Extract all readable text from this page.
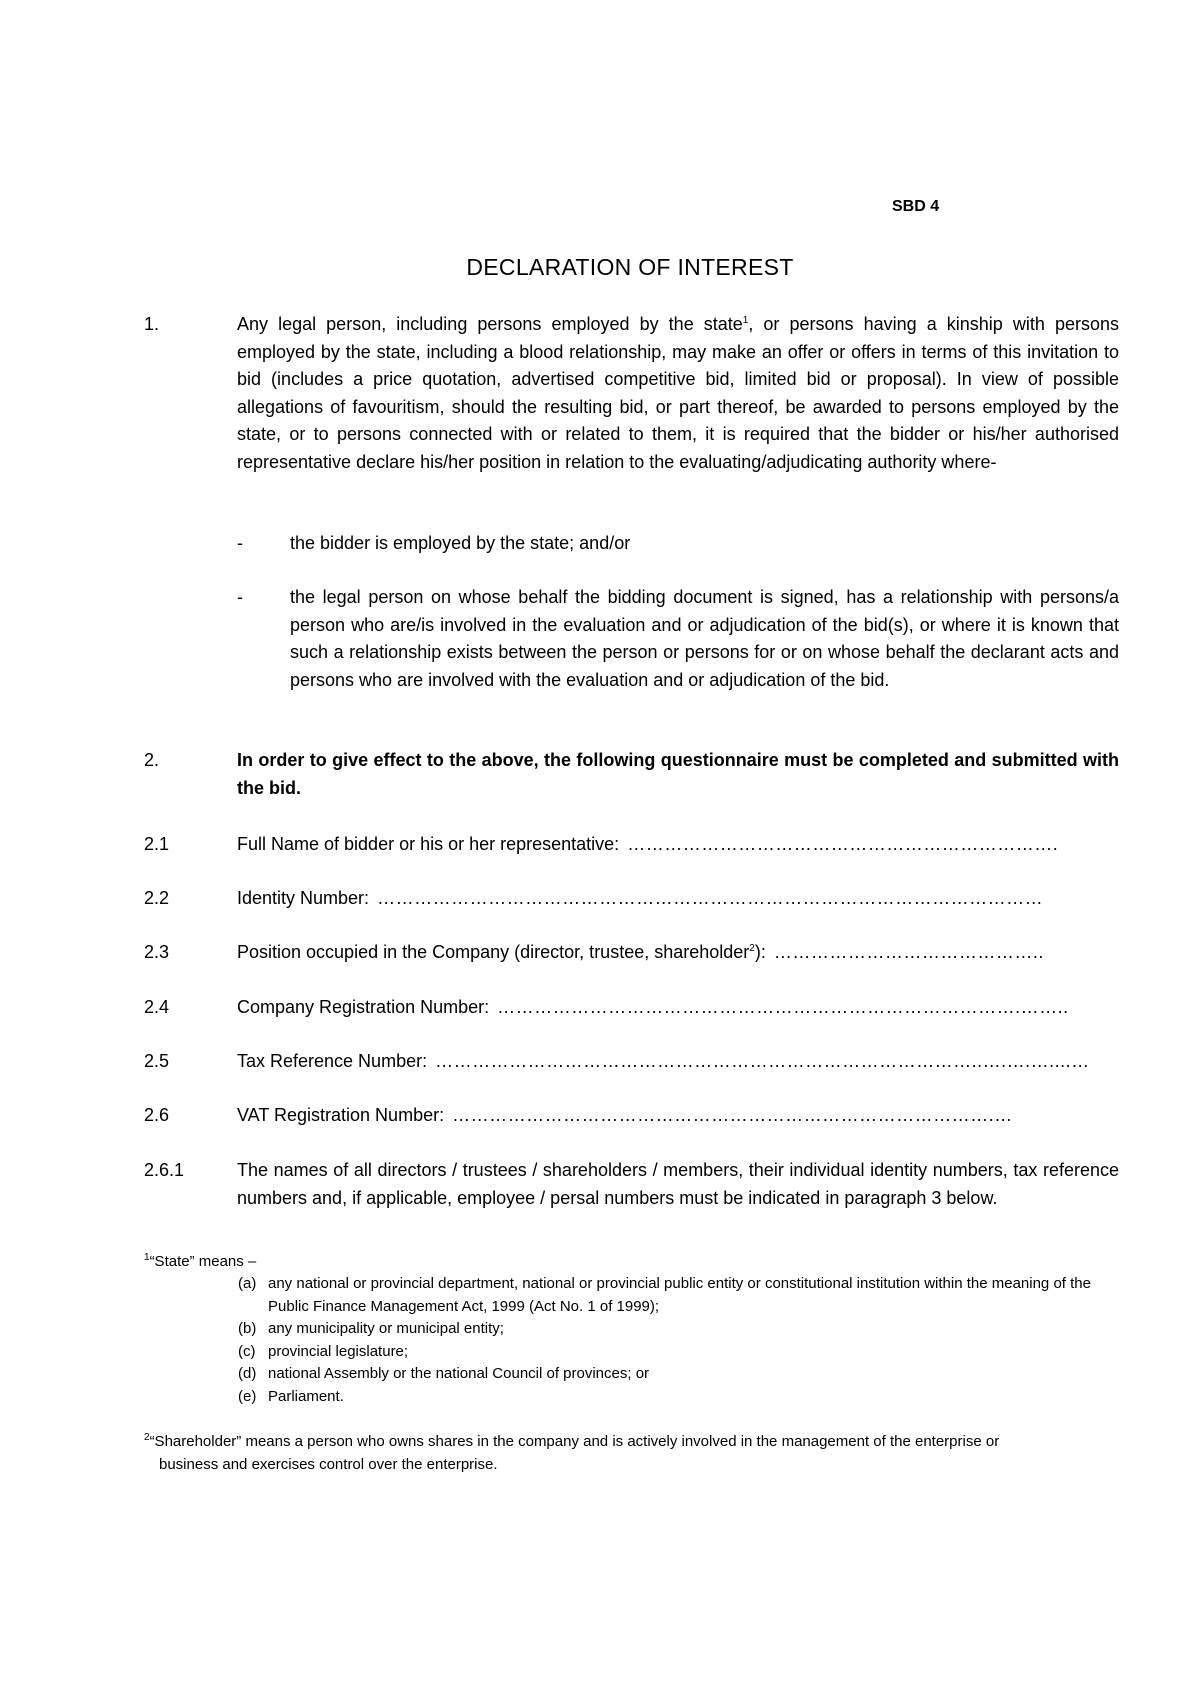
SBD 4
DECLARATION OF INTEREST
1.	Any legal person, including persons employed by the state$^1$, or persons having a kinship with persons employed by the state, including a blood relationship, may make an offer or offers in terms of this invitation to bid (includes a price quotation, advertised competitive bid, limited bid or proposal). In view of possible allegations of favouritism, should the resulting bid, or part thereof, be awarded to persons employed by the state, or to persons connected with or related to them, it is required that the bidder or his/her authorised representative declare his/her position in relation to the evaluating/adjudicating authority where-
-	the bidder is employed by the state; and/or
-	the legal person on whose behalf the bidding document is signed, has a relationship with persons/a person who are/is involved in the evaluation and or adjudication of the bid(s), or where it is known that such a relationship exists between the person or persons for or on whose behalf the declarant acts and persons who are involved with the evaluation and or adjudication of the bid.
2.	In order to give effect to the above, the following questionnaire must be completed and submitted with the bid.
2.1	Full Name of bidder or his or her representative: …………………………………………………………….
2.2	Identity Number: ………………………………………………………………………………………………
2.3	Position occupied in the Company (director, trustee, shareholder$^2$): ……………………………………..
2.4	Company Registration Number: ………………………………………………………………………….……..
2.5	Tax Reference Number: ……………………………………………………………………………..….….…....…
2.6	VAT Registration Number: …………………………………………………………………………….…
2.6.1	The names of all directors / trustees / shareholders / members, their individual identity numbers, tax reference numbers and, if applicable, employee / persal numbers must be indicated in paragraph 3 below.
$^1$“State” means –
(a) any national or provincial department, national or provincial public entity or constitutional institution within the meaning of the Public Finance Management Act, 1999 (Act No. 1 of 1999);
(b) any municipality or municipal entity;
(c) provincial legislature;
(d) national Assembly or the national Council of provinces; or
(e) Parliament.
$^2$“Shareholder” means a person who owns shares in the company and is actively involved in the management of the enterprise or
business and exercises control over the enterprise.
